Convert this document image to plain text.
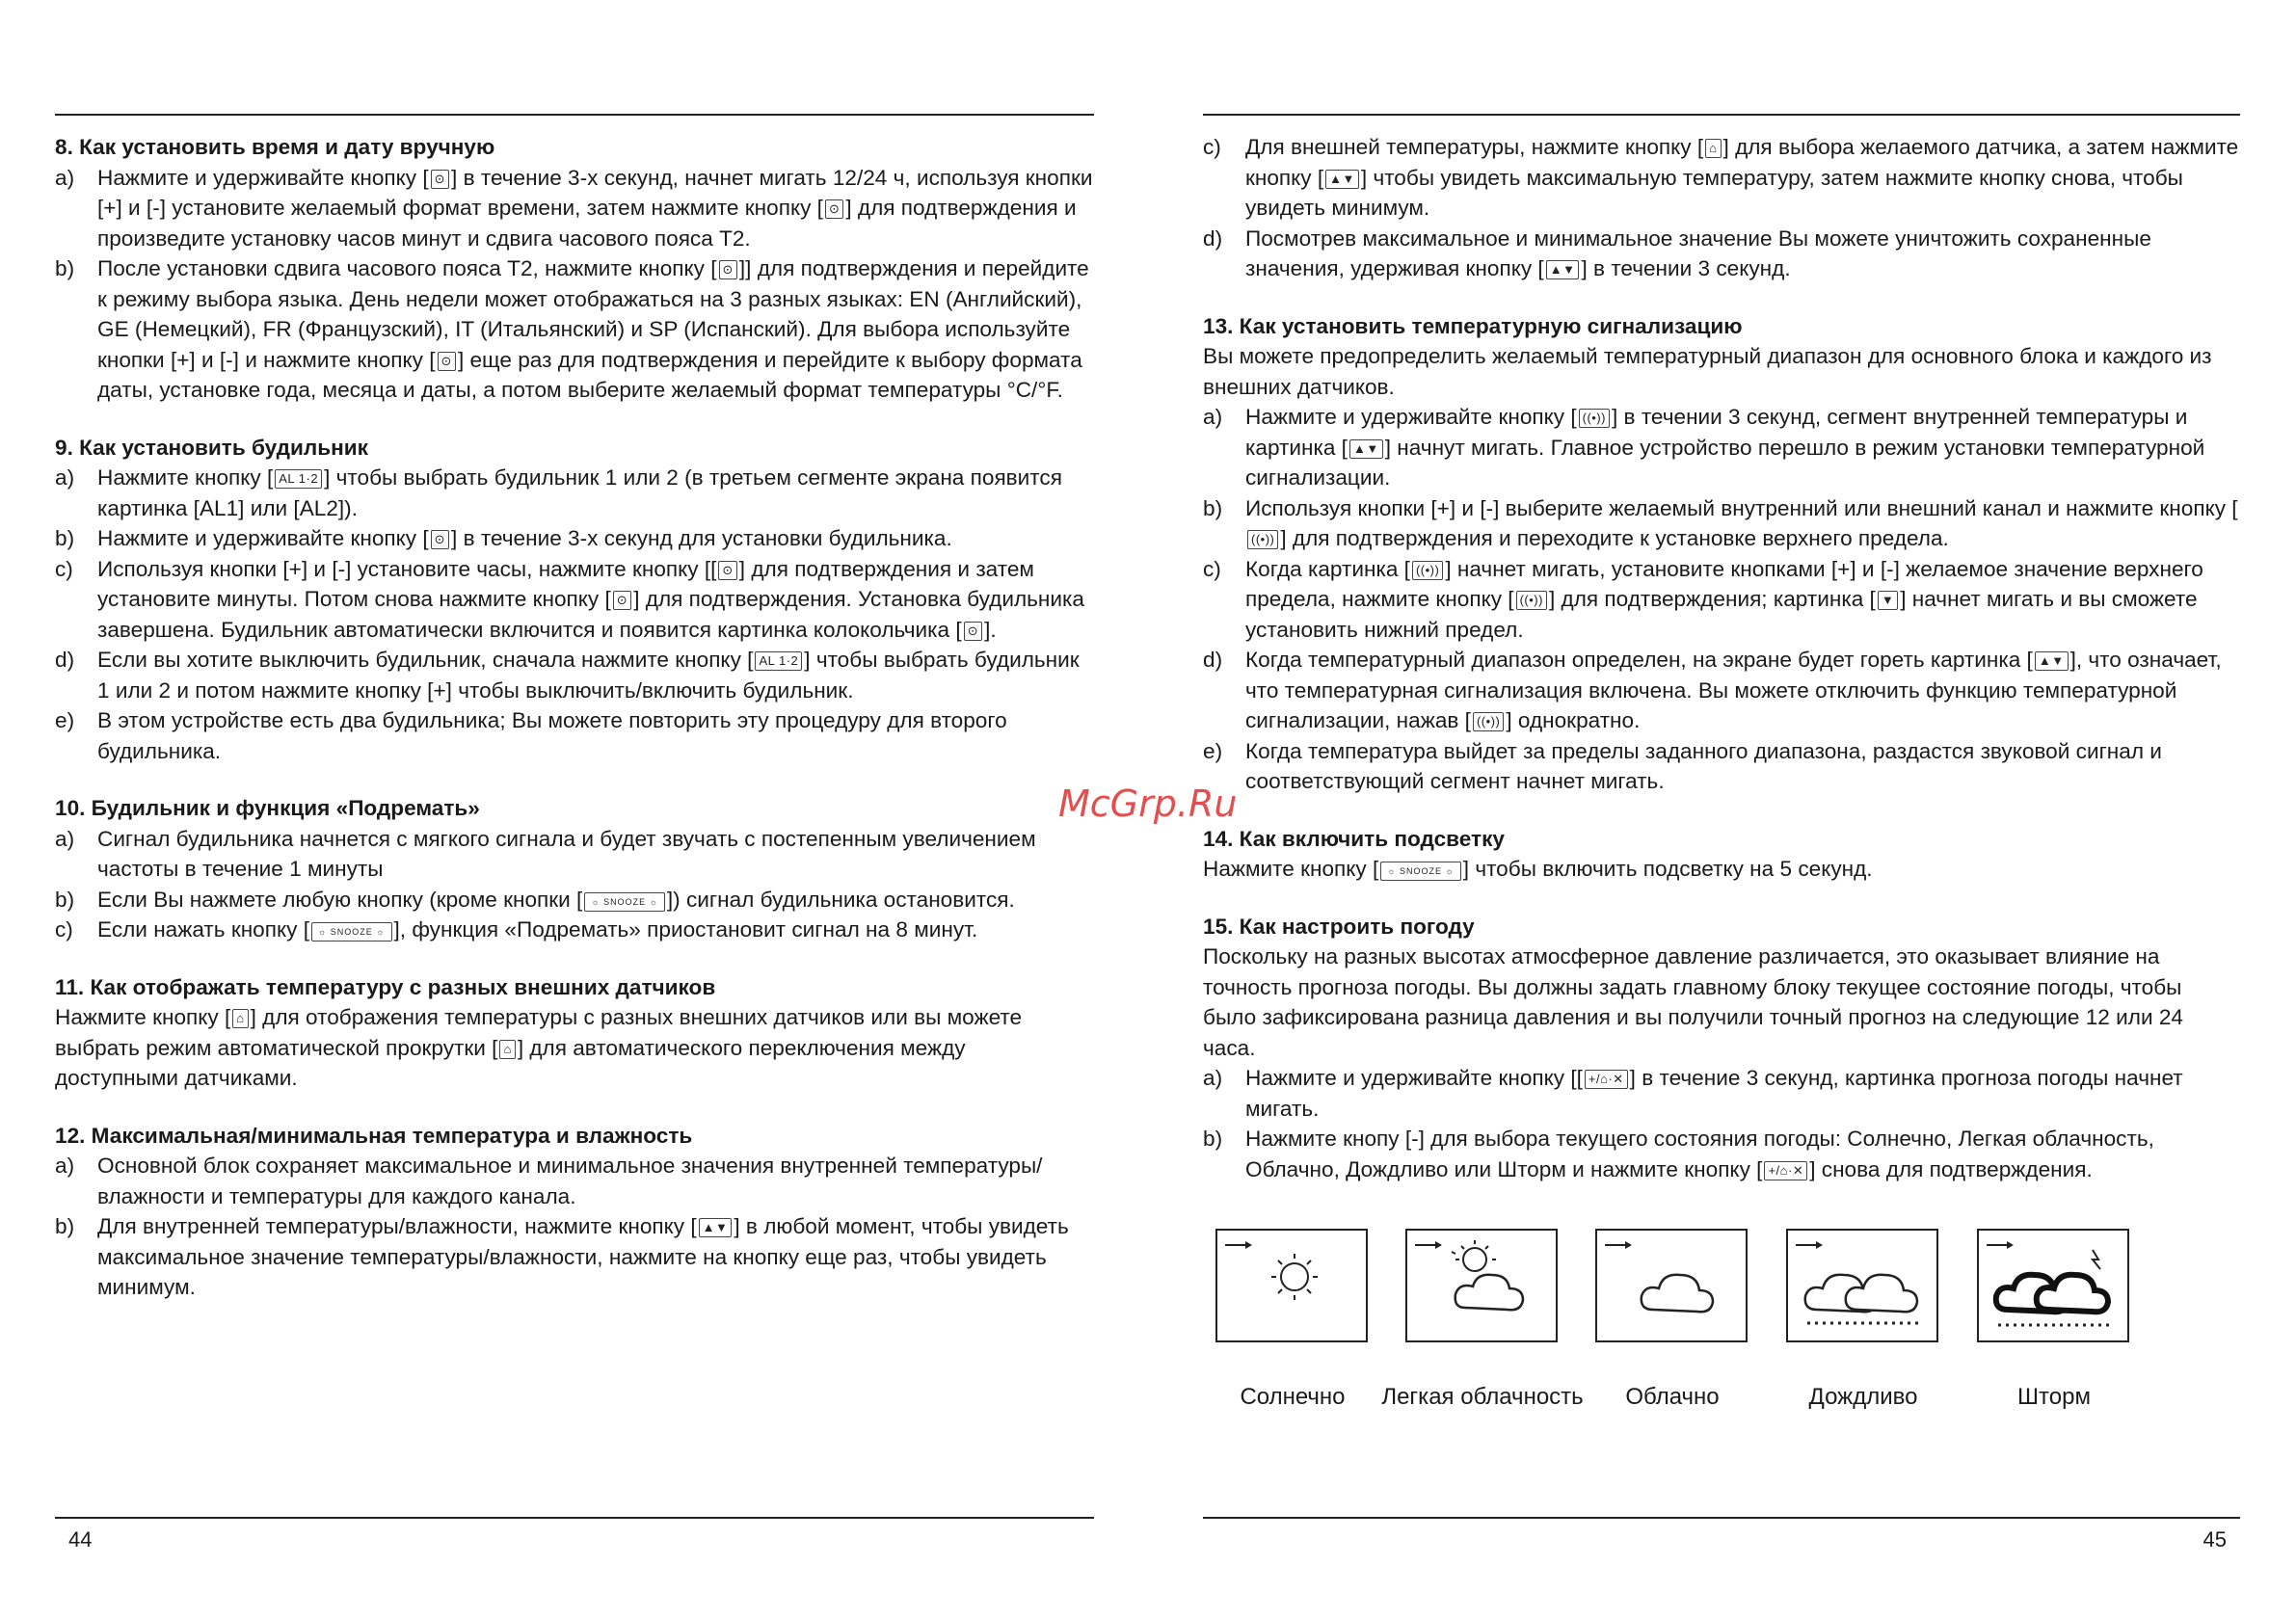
8. Как установить время и дату вручную
a)	Нажмите и удерживайте кнопку [ ⊙ ] в течение 3-х секунд, начнет мигать 12/24 ч, используя кнопки [+] и [-] установите желаемый формат времени, затем нажмите кнопку [ ⊙ ] для подтверждения и произведите установку часов минут и сдвига часового пояса T2.
b)	После установки сдвига часового пояса T2, нажмите кнопку [ ⊙ ]] для подтверждения и перейдите к режиму выбора языка. День недели может отображаться на 3 разных языках: EN (Английский), GE (Немецкий), FR (Французский), IT (Итальянский) и SP (Испанский). Для выбора используйте кнопки [+] и [-] и нажмите кнопку [ ⊙ ] еще раз для подтверждения и перейдите к выбору формата даты, установке года, месяца и даты, а потом выберите желаемый формат температуры °C/°F.
9. Как установить будильник
a)	Нажмите кнопку [ AL 1·2 ] чтобы выбрать будильник 1 или 2 (в третьем сегменте экрана появится картинка [AL1] или [AL2]).
b)	Нажмите и удерживайте кнопку [ ⊙ ] в течение 3-х секунд для установки будильника.
c)	Используя кнопки [+] и [-] установите часы, нажмите кнопку [[ ⊙ ] для подтверждения и затем установите минуты. Потом снова нажмите кнопку [ ⊙ ] для подтверждения. Установка будильника завершена. Будильник автоматически включится и появится картинка колокольчика [ ⊙ ].
d)	Если вы хотите выключить будильник, сначала нажмите кнопку [ AL 1·2 ] чтобы выбрать будильник 1 или 2 и потом нажмите кнопку [+] чтобы выключить/включить будильник.
e)	В этом устройстве есть два будильника; Вы можете повторить эту процедуру для второго будильника.
10. Будильник и функция «Подремать»
a)	Сигнал будильника начнется с мягкого сигнала и будет звучать с постепенным увеличением частоты в течение 1 минуты
b)	Если Вы нажмете любую кнопку (кроме кнопки [ ☼ SNOOZE ☼ ]) сигнал будильника остановится.
c)	Если нажать кнопку [ ☼ SNOOZE ☼ ], функция «Подремать» приостановит сигнал на 8 минут.
11. Как отображать температуру с разных внешних датчиков

Нажмите кнопку [ ⌂ ] для отображения температуры с разных внешних датчиков или вы можете выбрать режим автоматической прокрутки [ ⌂ ] для автоматического переключения между доступными датчиками.

12. Максимальная/минимальная температура и влажность
a)	Основной блок сохраняет максимальное и минимальное значения внутренней температуры/влажности и температуры для каждого канала.
b)	Для внутренней температуры/влажности, нажмите кнопку [ ▲▼ ] в любой момент, чтобы увидеть максимальное значение температуры/влажности, нажмите на кнопку еще раз, чтобы увидеть минимум.
44
c)	Для внешней температуры, нажмите кнопку [ ⌂ ] для выбора желаемого датчика, а затем нажмите кнопку [ ▲▼ ] чтобы увидеть максимальную температуру, затем нажмите кнопку снова, чтобы увидеть минимум.
d)	Посмотрев максимальное и минимальное значение Вы можете уничтожить сохраненные значения, удерживая кнопку [ ▲▼ ] в течении 3 секунд.
13. Как установить температурную сигнализацию

Вы можете предопределить желаемый температурный диапазон для основного блока и каждого из внешних датчиков.

a)	Нажмите и удерживайте кнопку [ ((•)) ] в течении 3 секунд, сегмент внутренней температуры и картинка [ ▲▼ ] начнут мигать. Главное устройство перешло в режим установки температурной сигнализации.
b)	Используя кнопки [+] и [-] выберите желаемый внутренний или внешний канал и нажмите кнопку [((•)) ] для подтверждения и переходите к установке верхнего предела.
c)	Когда картинка [ ((•)) ] начнет мигать, установите кнопками [+] и [-] желаемое значение верхнего предела, нажмите кнопку [ ((•)) ] для подтверждения; картинка [ ▼ ] начнет мигать и вы сможете установить нижний предел.
d)	Когда температурный диапазон определен, на экране будет гореть картинка [ ▲▼ ], что означает, что температурная сигнализация включена. Вы можете отключить функцию температурной сигнализации, нажав [ ((•)) ] однократно.
e)	Когда температура выйдет за пределы заданного диапазона, раздастся звуковой сигнал и соответствующий сегмент начнет мигать.
14. Как включить подсветку

Нажмите кнопку [ ☼ SNOOZE ☼ ] чтобы включить подсветку на 5 секунд.

15. Как настроить погоду

Поскольку на разных высотах атмосферное давление различается, это оказывает влияние на точность прогноза погоды. Вы должны задать главному блоку текущее состояние погоды, чтобы было зафиксирована разница давления и вы получили точный прогноз на следующие 12 или 24 часа.

a)	Нажмите и удерживайте кнопку [[ +/⌂·✕ ] в течение 3 секунд, картинка прогноза погоды начнет мигать.
b)	Нажмите кнопу [-] для выбора текущего состояния погоды: Солнечно, Легкая облачность, Облачно, Дождливо или Шторм и нажмите кнопку [ +/⌂·✕ ] снова для подтверждения.
Солнечно	Легкая облачность	Облачно	Дождливо	Шторм
45
McGrp.Ru
